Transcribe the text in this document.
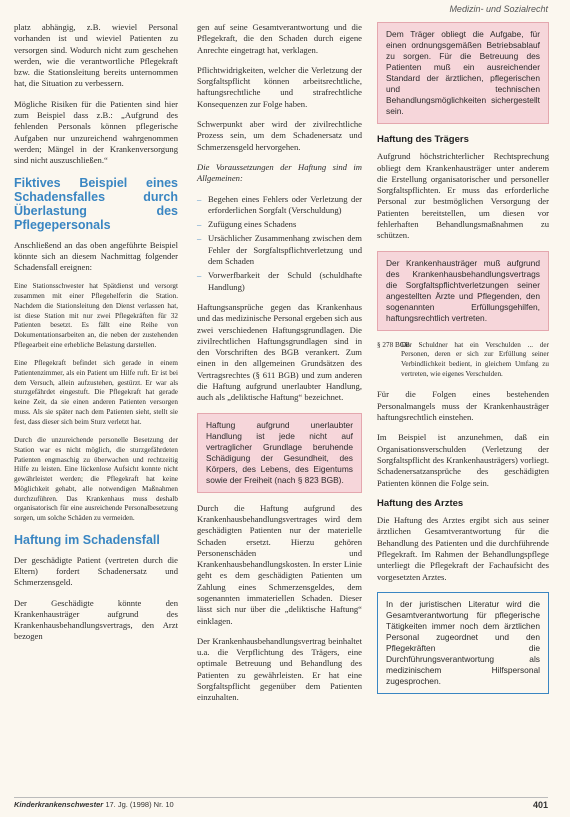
Medizin- und Sozialrecht

platz abhängig, z.B. wieviel Personal vorhanden ist und wieviel Patienten zu versorgen sind. Wodurch nicht zum geschehen werden, wie die verantwortliche Pflegekraft bzw. die Stationsleitung bereits unternommen hat, die Situation zu verbessern.

Mögliche Risiken für die Patienten sind hier zum Beispiel dass z.B.: „Aufgrund des fehlenden Personals können pflegerische Aufgaben nur unzureichend wahrgenommen werden; Mängel in der Krankenversorgung sind nicht auszuschließen.“

Fiktives Beispiel eines Schadensfalles durch Überlastung des Pflegepersonals

Anschließend an das oben angeführte Beispiel könnte sich an diesem Nachmittag folgender Schadensfall ereignen:

Eine Stationsschwester hat Spätdienst und versorgt zusammen mit einer Pflegehelferin die Station. Nachdem die Stationsleitung den Dienst verlassen hat, ist diese Station mit nur zwei Pflegekräften für 32 Patienten besetzt. Es fällt eine Reihe von Dokumentationsarbeiten an, die neben der zustehenden Pflegearbeit eine erhebliche Belastung darstellen.

Eine Pflegekraft befindet sich gerade in einem Patientenzimmer, als ein Patient um Hilfe ruft. Er ist bei dem Versuch, allein aufzustehen, gestürzt. Er war als sturzgefährdet eingestuft. Die Pflegekraft hat gerade keine Zeit, da sie einen anderen Patienten versorgen muss. Als sie später nach dem Patienten sieht, stellt sie fest, dass dieser sich beim Sturz verletzt hat.

Durch die unzureichende personelle Besetzung der Station war es nicht möglich, die sturzgefährdeten Patienten engmaschig zu überwachen und rechtzeitig Hilfe zu leisten. Eine lückenlose Aufsicht konnte nicht gewährleistet werden; die Pflegekraft hat keine Möglichkeit gehabt, alle notwendigen Maßnahmen durchzuführen. Das Krankenhaus muss deshalb organisatorisch für eine ausreichende Personalbesetzung sorgen, um solche Schäden zu vermeiden.

Haftung im Schadensfall

Der geschädigte Patient (vertreten durch die Eltern) fordert Schadenersatz und Schmerzensgeld.

Der Geschädigte könnte den Krankenhausträger aufgrund des Krankenhausbehandlungsvertrags, den Arzt bezogen

gen auf seine Gesamtverantwortung und die Pflegekraft, die den Schaden durch eigene Anrechte eingetragt hat, verklagen.

Pflichtwidrigkeiten, welcher die Verletzung der Sorgfaltspflicht können arbeitsrechtliche, haftungsrechtliche und strafrechtliche Konsequenzen zur Folge haben.

Schwerpunkt aber wird der zivilrechtliche Prozess sein, um dem Schadenersatz und Schmerzensgeld hervorgehen.

Die Voraussetzungen der Haftung sind im Allgemeinen:

– Begehen eines Fehlers oder Verletzung der erforderlichen Sorgfalt (Verschuldung)
– Zufügung eines Schadens
– Ursächlicher Zusammenhang zwischen dem Fehler der Sorgfaltspflichtverletzung und dem Schaden
– Vorwerfbarkeit der Schuld (schuldhafte Handlung)

Haftungsansprüche gegen das Krankenhaus und das medizinische Personal ergeben sich aus zwei verschiedenen Haftungsgrundlagen. Die zivilrechtlichen Haftungsgrundlagen sind in den Vorschriften des BGB verankert. Zum einen in den allgemeinen Grundsätzen des Vertragsrechtes (§ 611 BGB) und zum anderen die Haftung aufgrund unerlaubter Handlung, auch als „deliktische Haftung“ bezeichnet.

Haftung aufgrund unerlaubter Handlung ist jede nicht auf vertraglicher Grundlage beruhende Schädigung der Gesundheit, des Körpers, des Lebens, des Eigentums sowie der Freiheit (nach § 823 BGB).

Durch die Haftung aufgrund des Krankenhausbehandlungsvertrages wird dem geschädigten Patienten nur der materielle Schaden ersetzt. Hierzu gehören Personenschäden und Krankenhausbehandlungskosten. In erster Linie geht es dem geschädigten Patienten um Zahlung eines Schmerzensgeldes, dem sogenannten immateriellen Schaden. Dieser lässt sich nur über die „deliktische Haftung“ einklagen.

Der Krankenhausbehandlungsvertrag beinhaltet u.a. die Verpflichtung des Trägers, eine optimale Betreuung und Behandlung des Patienten zu gewährleisten. Er hat eine Sorgfaltspflicht gegenüber dem Patienten einzuhalten.

Dem Träger obliegt die Aufgabe, für einen ordnungsgemäßen Betriebsablauf zu sorgen. Für die Betreuung des Patienten muß ein ausreichender Standard der ärztlichen, pflegerischen und technischen Behandlungsmöglichkeiten sichergestellt sein.
Haftung des Trägers

Aufgrund höchstrichterlicher Rechtsprechung obliegt dem Krankenhausträger unter anderem die Erstellung organisatorischer und personeller Sorgfaltspflichten. Er muss das erforderliche Personal zur bestmöglichen Versorgung der Patienten bereitstellen, um diesen vor fehlerhaften Behandlungsmaßnahmen zu schützen.

Der Krankenhausträger muß aufgrund des Krankenhausbehandlungsvertrags die Sorgfaltspflichtverletzungen seiner angestellten Ärzte und Pflegenden, den sogenannten Erfüllungsgehilfen, haftungsrechtlich vertreten.
§ 278 BGB
Der Schuldner hat ein Verschulden ... der Personen, deren er sich zur Erfüllung seiner Verbindlichkeit bedient, in gleichem Umfang zu vertreten, wie eigenes Verschulden.

Für die Folgen eines bestehenden Personalmangels muss der Krankenhausträger haftungsrechtlich einstehen.

Im Beispiel ist anzunehmen, daß ein Organisationsverschulden (Verletzung der Sorgfaltspflicht des Krankenhausträgers) vorliegt. Schadenersatzansprüche des geschädigten Patienten können die Folge sein.

Haftung des Arztes

Die Haftung des Arztes ergibt sich aus seiner ärztlichen Gesamtverantwortung für die Behandlung des Patienten und die durchführende Pflegekraft. Im Rahmen der Behandlungspflege unterliegt die Pflegekraft der Fachaufsicht des vorgesetzten Arztes.

In der juristischen Literatur wird die Gesamtverantwortung für pflegerische Tätigkeiten immer noch dem ärztlichen Personal zugeordnet und den Pflegekräften die Durchführungsverantwortung als medizinischem Hilfspersonal zugesprochen.
Kinderkrankenschwester 17. Jg. (1998) Nr. 10	401
